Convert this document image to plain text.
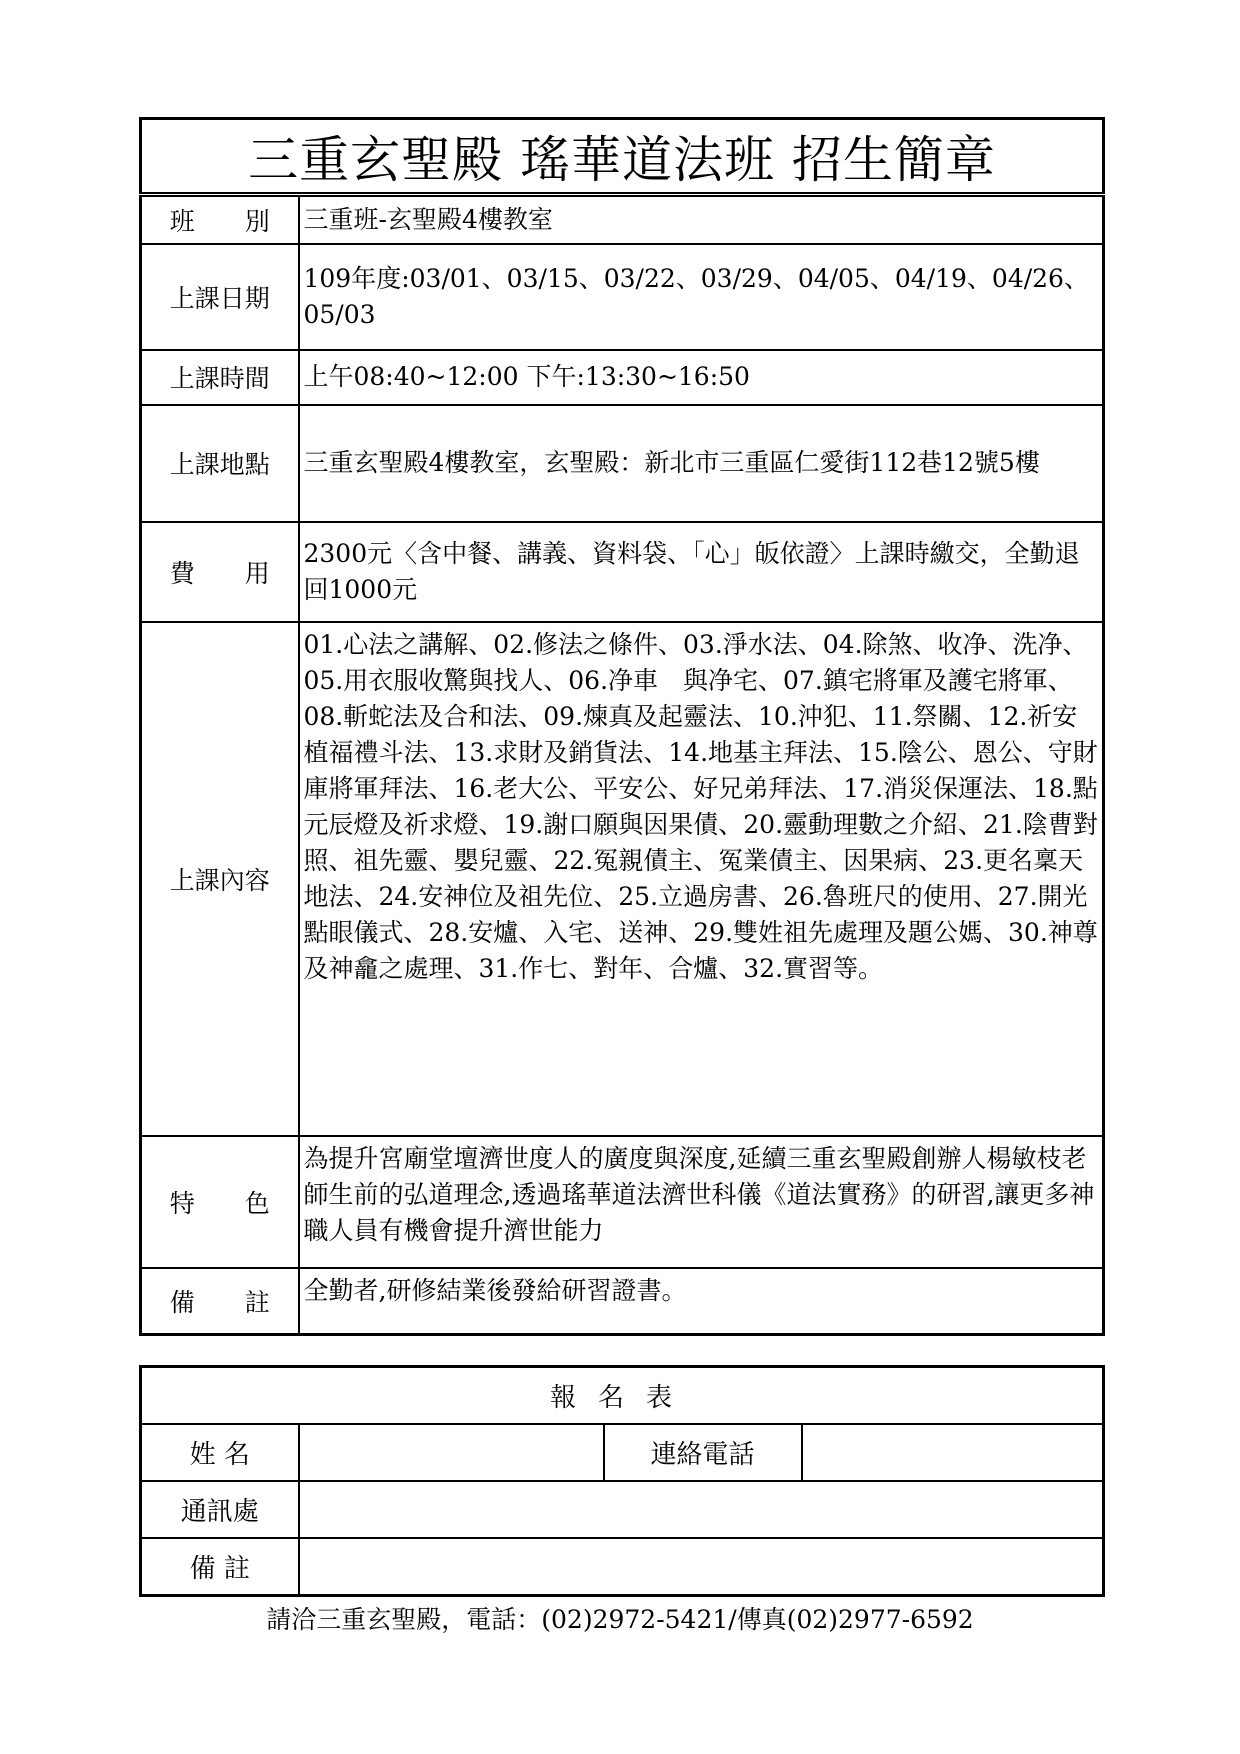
三重玄聖殿 瑤華道法班 招生簡章	
班　　別	三重班-玄聖殿4樓教室
上課日期	109年度:03/01、03/15、03/22、03/29、04/05、04/19、04/26、05/03
上課時間	上午08:40~12:00 下午:13:30~16:50
上課地點	三重玄聖殿4樓教室，玄聖殿：新北市三重區仁愛街112巷12號5樓
費　　用	2300元〈含中餐、講義、資料袋、「心」皈依證〉上課時繳交，全勤退回1000元
上課內容	01.心法之講解、02.修法之條件、03.淨水法、04.除煞、收净、洗净、05.用衣服收驚與找人、06.净車　與净宅、07.鎮宅將軍及護宅將軍、08.斬蛇法及合和法、09.煉真及起靈法、10.沖犯、11.祭關、12.祈安植福禮斗法、13.求財及銷貨法、14.地基主拜法、15.陰公、恩公、守財庫將軍拜法、16.老大公、平安公、好兄弟拜法、17.消災保運法、18.點元辰燈及祈求燈、19.謝口願與因果債、20.靈動理數之介紹、21.陰曹對照、祖先靈、嬰兒靈、22.冤親債主、冤業債主、因果病、23.更名稟天地法、24.安神位及祖先位、25.立過房書、26.魯班尺的使用、27.開光點眼儀式、28.安爐、入宅、送神、29.雙姓祖先處理及題公媽、30.神尊及神龕之處理、31.作七、對年、合爐、32.實習等。
特　　色	為提升宮廟堂壇濟世度人的廣度與深度,延續三重玄聖殿創辦人楊敏枝老師生前的弘道理念,透過瑤華道法濟世科儀《道法實務》的研習,讓更多神職人員有機會提升濟世能力
備　　註	全勤者,研修結業後發給研習證書。
報名表			
姓 名		連絡電話	
通訊處			
備 註			
請洽三重玄聖殿，電話：(02)2972-5421/傳真(02)2977-6592
